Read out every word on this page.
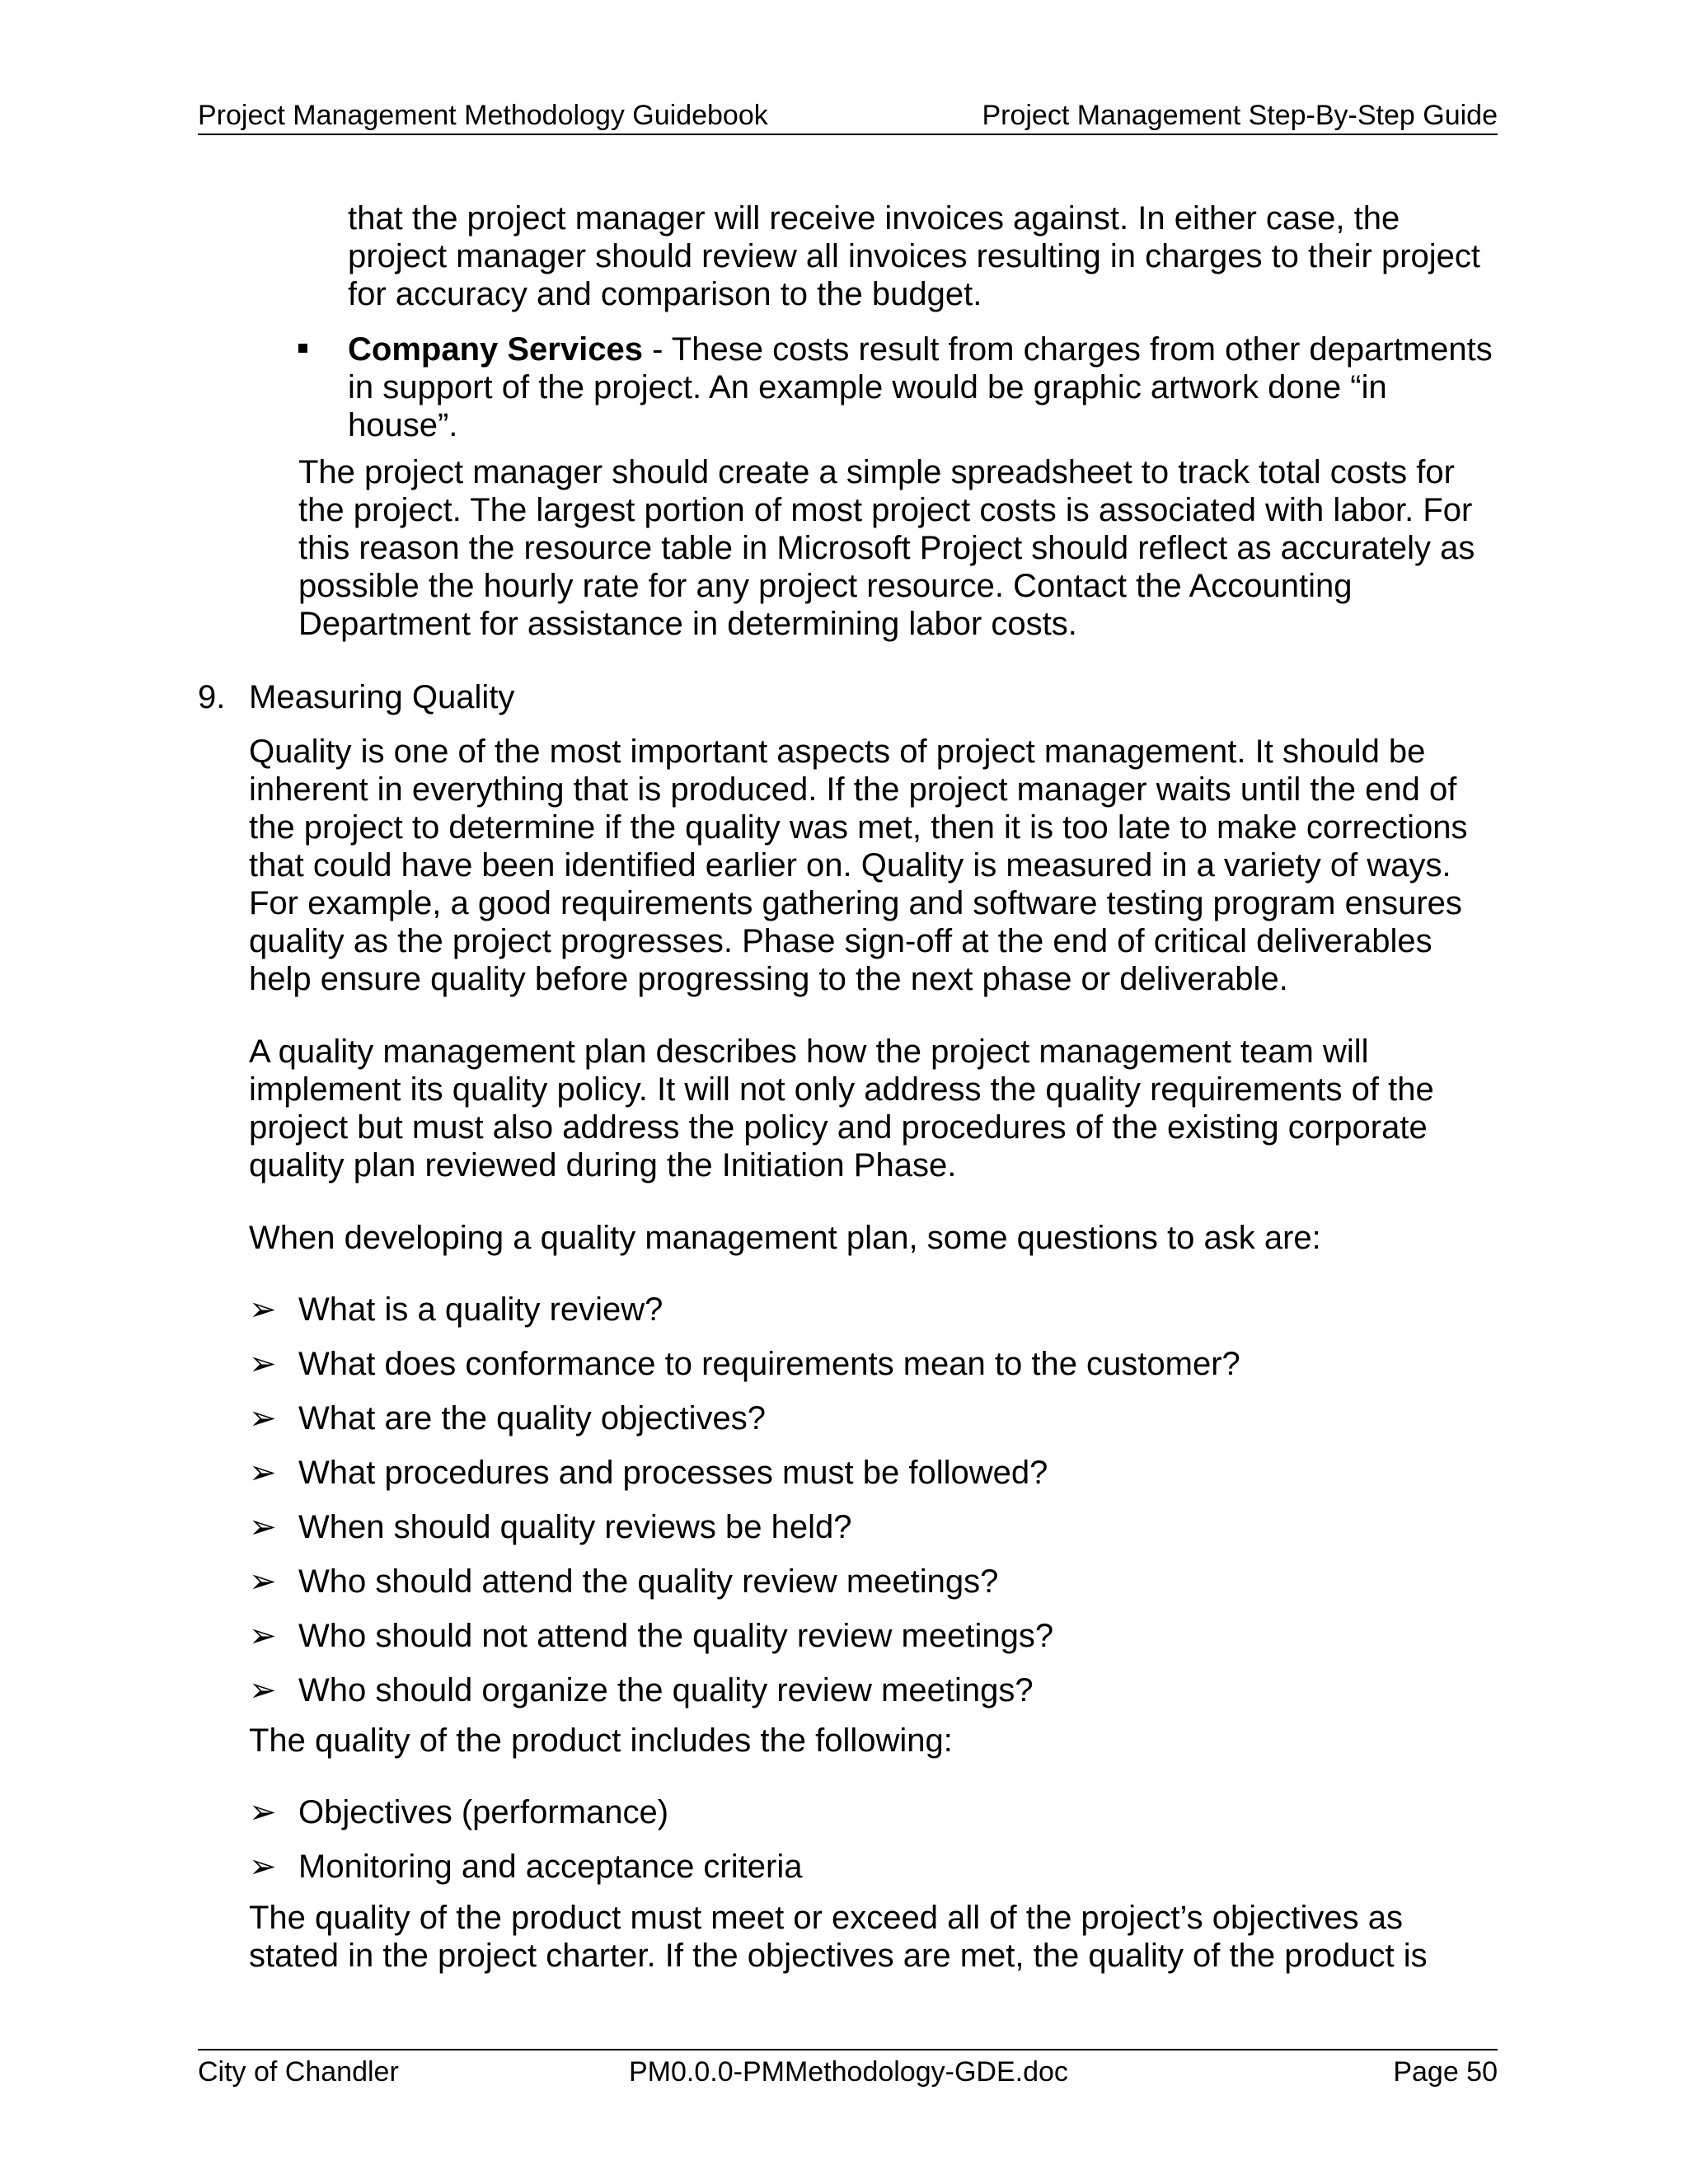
Project Management Methodology Guidebook	Project Management Step-By-Step Guide

that the project manager will receive invoices against. In either case, the project manager should review all invoices resulting in charges to their project for accuracy and comparison to the budget.

Company Services - These costs result from charges from other departments in support of the project. An example would be graphic artwork done “in house”.

The project manager should create a simple spreadsheet to track total costs for the project. The largest portion of most project costs is associated with labor. For this reason the resource table in Microsoft Project should reflect as accurately as possible the hourly rate for any project resource. Contact the Accounting Department for assistance in determining labor costs.

9. Measuring Quality

Quality is one of the most important aspects of project management. It should be inherent in everything that is produced. If the project manager waits until the end of the project to determine if the quality was met, then it is too late to make corrections that could have been identified earlier on. Quality is measured in a variety of ways. For example, a good requirements gathering and software testing program ensures quality as the project progresses. Phase sign-off at the end of critical deliverables help ensure quality before progressing to the next phase or deliverable.

A quality management plan describes how the project management team will implement its quality policy. It will not only address the quality requirements of the project but must also address the policy and procedures of the existing corporate quality plan reviewed during the Initiation Phase.

When developing a quality management plan, some questions to ask are:

➢ What is a quality review?
➢ What does conformance to requirements mean to the customer?
➢ What are the quality objectives?
➢ What procedures and processes must be followed?
➢ When should quality reviews be held?
➢ Who should attend the quality review meetings?
➢ Who should not attend the quality review meetings?
➢ Who should organize the quality review meetings?

The quality of the product includes the following:

➢ Objectives (performance)
➢ Monitoring and acceptance criteria

The quality of the product must meet or exceed all of the project’s objectives as stated in the project charter. If the objectives are met, the quality of the product is

City of Chandler	PM0.0.0-PMMethodology-GDE.doc	Page 50
